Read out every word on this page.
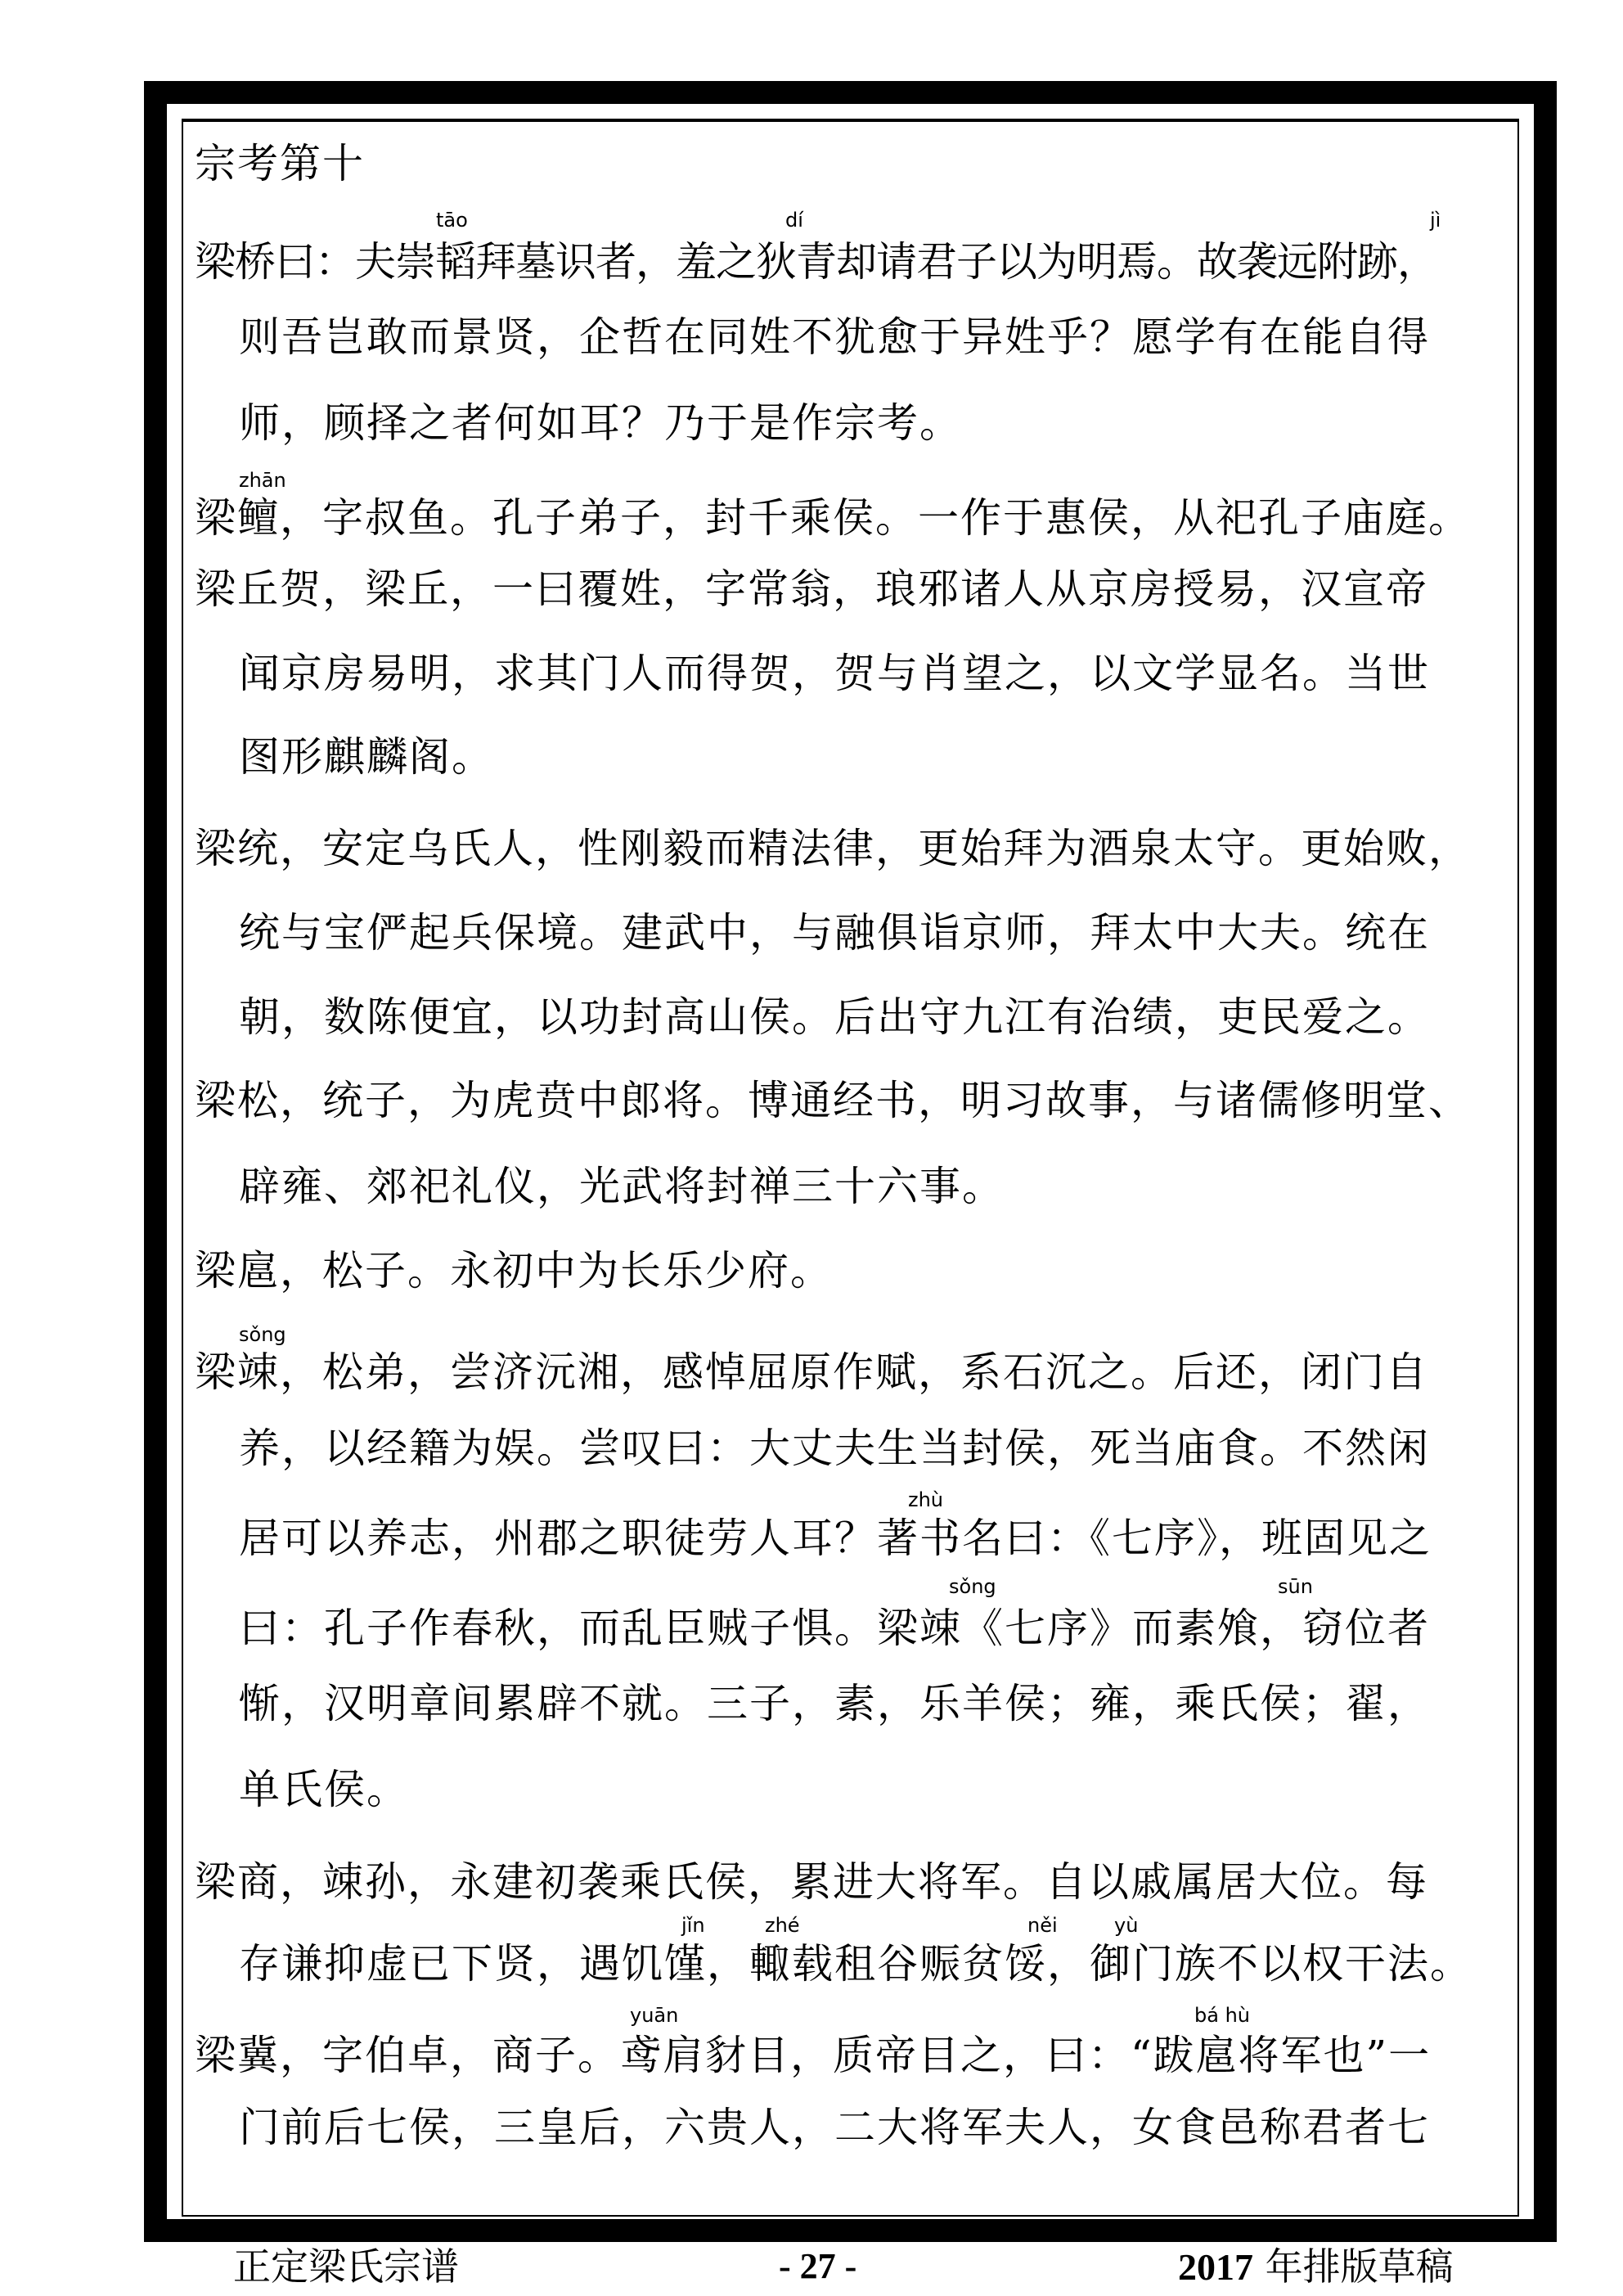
宗考第十
梁桥曰：夫崇韬拜墓识者，羞之狄青却请君子以为明焉。故袭远附跡，
则吾岂敢而景贤，企哲在同姓不犹愈于异姓乎？愿学有在能自得
师，顾择之者何如耳？乃于是作宗考。
梁鳣，字叔鱼。孔子弟子，封千乘侯。一作于惠侯，从祀孔子庙庭。
梁丘贺，梁丘，一曰覆姓，字常翁，琅邪诸人从京房授易，汉宣帝
闻京房易明，求其门人而得贺，贺与肖望之，以文学显名。当世
图形麒麟阁。
梁统，安定乌氏人，性刚毅而精法律，更始拜为酒泉太守。更始败，
统与宝俨起兵保境。建武中，与融俱诣京师，拜太中大夫。统在
朝，数陈便宜，以功封高山侯。后出守九江有治绩，吏民爱之。
梁松，统子，为虎贲中郎将。博通经书，明习故事，与诸儒修明堂、
辟雍、郊祀礼仪，光武将封禅三十六事。
梁扈，松子。永初中为长乐少府。
梁竦，松弟，尝济沅湘，感悼屈原作赋，系石沉之。后还，闭门自
养，以经籍为娱。尝叹曰：大丈夫生当封侯，死当庙食。不然闲
居可以养志，州郡之职徒劳人耳？著书名曰：《七序》，班固见之
曰：孔子作春秋，而乱臣贼子惧。梁竦《七序》而素飧，窃位者
惭，汉明章间累辟不就。三子，素，乐羊侯；雍，乘氏侯；翟，
单氏侯。
梁商，竦孙，永建初袭乘氏侯，累进大将军。自以戚属居大位。每
存谦抑虚已下贤，遇饥馑，輙载租谷赈贫馁，御门族不以权干法。
梁冀，字伯卓，商子。鸢肩豺目，质帝目之，曰：“跋扈将军也”一
门前后七侯，三皇后，六贵人，二大将军夫人，女食邑称君者七
tāo	dí	jì
zhān
sǒng
zhù
sǒng	sūn
jǐn	zhé	něi	yù
yuān	bá hù
正定梁氏宗谱	- 27 -	2017 年排版草稿
